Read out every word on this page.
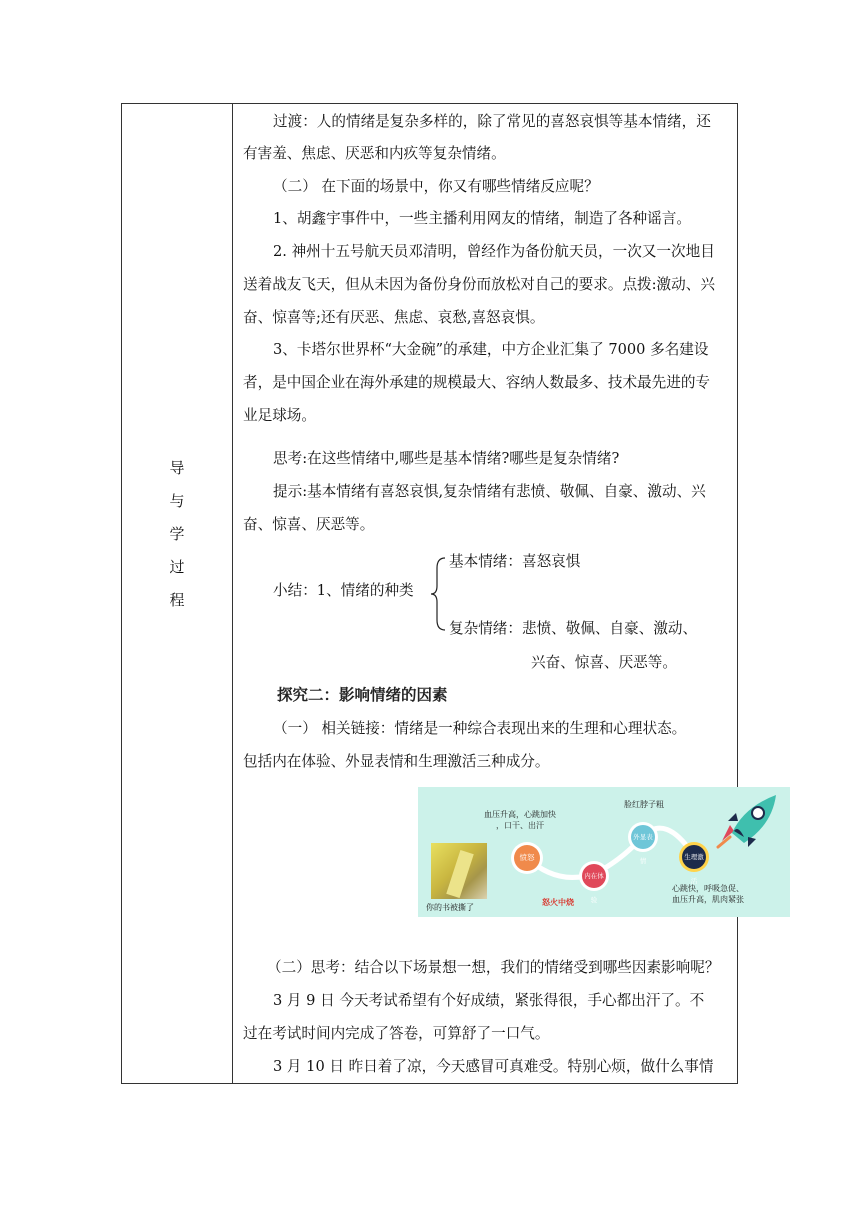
导
与
学
过
程
过渡：人的情绪是复杂多样的，除了常见的喜怒哀惧等基本情绪，还
有害羞、焦虑、厌恶和内疚等复杂情绪。
（二） 在下面的场景中，你又有哪些情绪反应呢？
1、胡鑫宇事件中，一些主播利用网友的情绪，制造了各种谣言。
2. 神州十五号航天员邓清明，曾经作为备份航天员，一次又一次地目
送着战友飞天，但从未因为备份身份而放松对自己的要求。点拨:激动、兴
奋、惊喜等;还有厌恶、焦虑、哀愁,喜怒哀惧。
3、卡塔尔世界杯“大金碗”的承建，中方企业汇集了 7000 多名建设
者，是中国企业在海外承建的规模最大、容纳人数最多、技术最先进的专
业足球场。
思考:在这些情绪中,哪些是基本情绪?哪些是复杂情绪?
提示:基本情绪有喜怒哀惧,复杂情绪有悲愤、敬佩、自豪、激动、兴
奋、惊喜、厌恶等。
小结：1、情绪的种类
基本情绪：喜怒哀惧
复杂情绪：悲愤、敬佩、自豪、激动、
兴奋、惊喜、厌恶等。
探究二：影响情绪的因素
（一） 相关链接：情绪是一种综合表现出来的生理和心理状态。
包括内在体验、外显表情和生理激活三种成分。
你的书被撕了
血压升高，心跳加快
，口干、出汗
脸红脖子粗
愤怒
内在体验
外显表情	生理激活
怒火中烧
心跳快，呼吸急促、
血压升高，肌肉紧张
（二）思考：结合以下场景想一想，我们的情绪受到哪些因素影响呢？
3 月 9 日 今天考试希望有个好成绩，紧张得很，手心都出汗了。不
过在考试时间内完成了答卷，可算舒了一口气。
3 月 10 日 昨日着了凉，今天感冒可真难受。特别心烦，做什么事情
